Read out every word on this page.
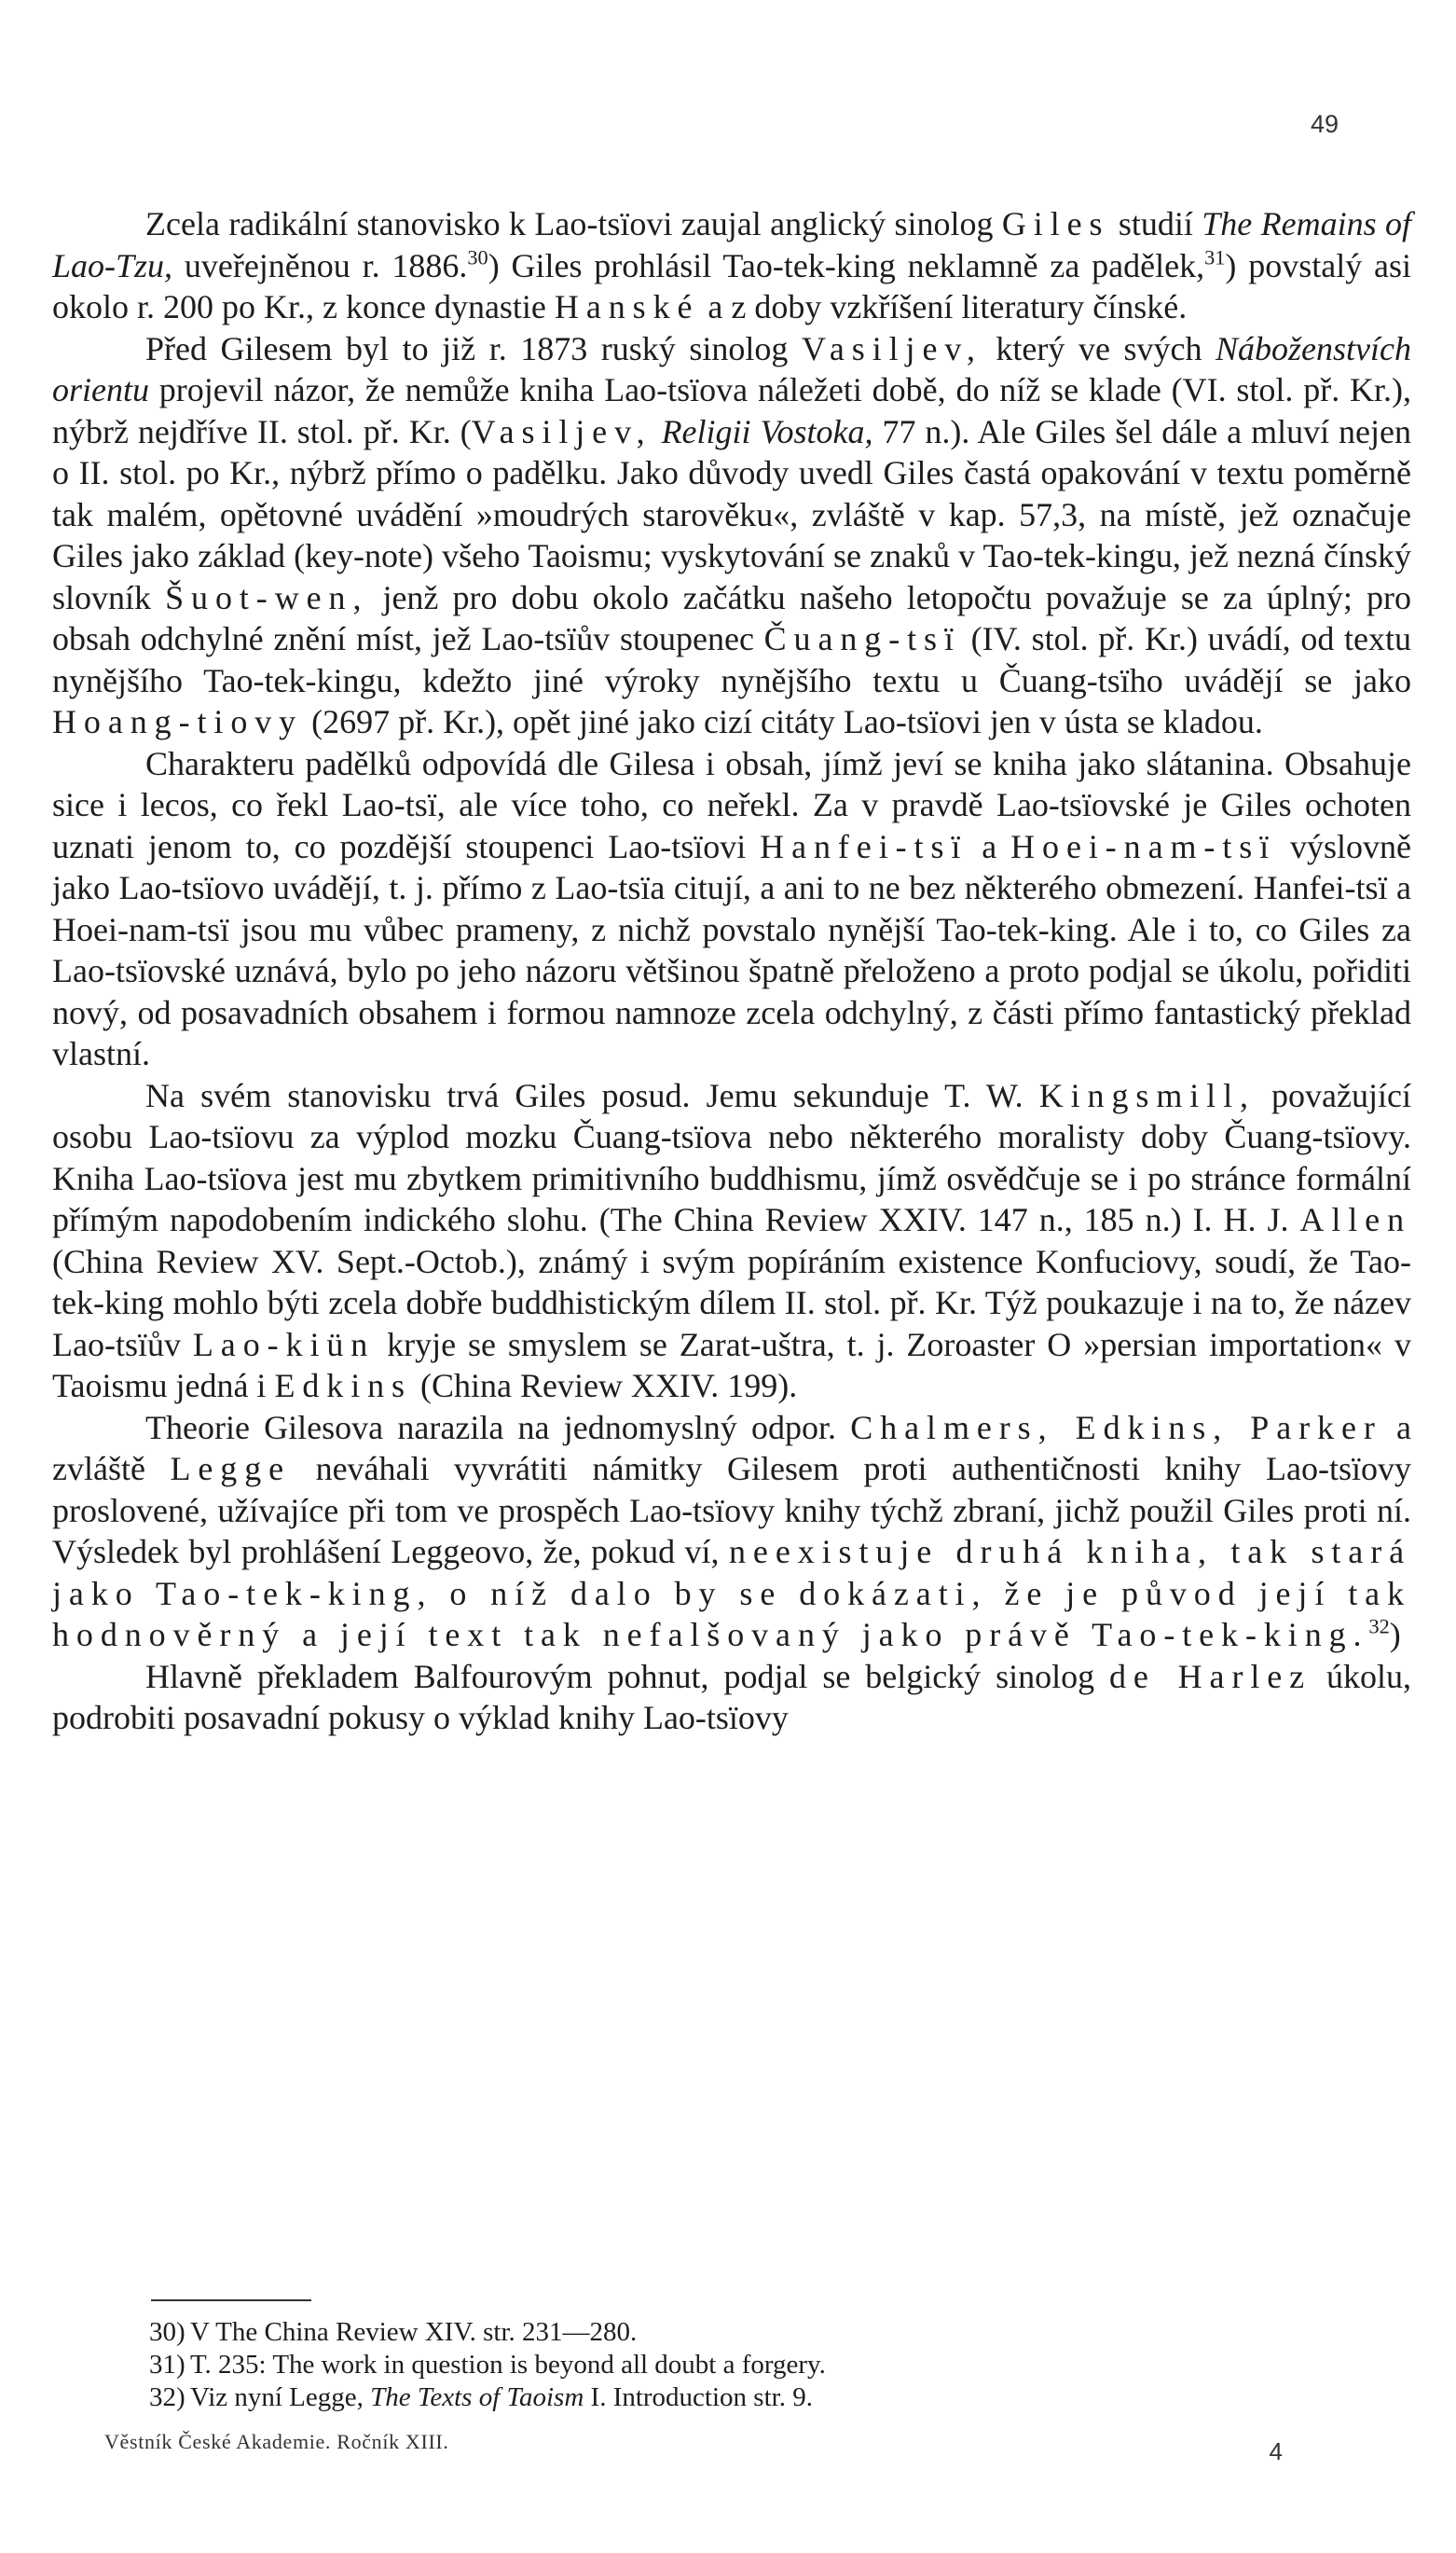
49

Zcela radikální stanovisko k Lao-tsïovi zaujal anglický sinolog Giles studií The Remains of Lao-Tzu, uveřejněnou r. 1886.30) Giles prohlásil Tao-tek-king neklamně za padělek,$^{31}$) povstalý asi okolo r. 200 po Kr., z konce dynastie Hanské a z doby vzkříšení literatury čínské.

Před Gilesem byl to již r. 1873 ruský sinolog Vasiljev, který ve svých Náboženstvích orientu projevil názor, že nemůže kniha Lao-tsïova náležeti době, do níž se klade (VI. stol. př. Kr.), nýbrž nejdříve II. stol. př. Kr. (Vasiljev, Religii Vostoka, 77 n.). Ale Giles šel dále a mluví nejen o II. stol. po Kr., nýbrž přímo o padělku. Jako důvody uvedl Giles častá opakování v textu poměrně tak malém, opětovné uvádění »moudrých starověku«, zvláště v kap. 57,3, na místě, jež označuje Giles jako základ (key-note) všeho Taoismu; vyskytování se znaků v Tao-tek-kingu, jež nezná čínský slovník Šuot-wen, jenž pro dobu okolo začátku našeho letopočtu považuje se za úplný; pro obsah odchylné znění míst, jež Lao-tsïův stoupenec Čuang-tsï (IV. stol. př. Kr.) uvádí, od textu nynějšího Tao-tek-kingu, kdežto jiné výroky nynějšího textu u Čuang-tsïho uvádějí se jako Hoang-tiovy (2697 př. Kr.), opět jiné jako cizí citáty Lao-tsïovi jen v ústa se kladou.

Charakteru padělků odpovídá dle Gilesa i obsah, jímž jeví se kniha jako slátanina. Obsahuje sice i lecos, co řekl Lao-tsï, ale více toho, co neřekl. Za v pravdě Lao-tsïovské je Giles ochoten uznati jenom to, co pozdější stoupenci Lao-tsïovi Hanfei-tsï a Hoei-nam-tsï výslovně jako Lao-tsïovo uvádějí, t. j. přímo z Lao-tsïa citují, a ani to ne bez některého obmezení. Hanfei-tsï a Hoei-nam-tsï jsou mu vůbec prameny, z nichž povstalo nynější Tao-tek-king. Ale i to, co Giles za Lao-tsïovské uznává, bylo po jeho názoru většinou špatně přeloženo a proto podjal se úkolu, pořiditi nový, od posavadních obsahem i formou namnoze zcela odchylný, z části přímo fantastický překlad vlastní.

Na svém stanovisku trvá Giles posud. Jemu sekunduje T. W. Kingsmill, považující osobu Lao-tsïovu za výplod mozku Čuang-tsïova nebo některého moralisty doby Čuang-tsïovy. Kniha Lao-tsïova jest mu zbytkem primitivního buddhismu, jímž osvědčuje se i po stránce formální přímým napodobením indického slohu. (The China Review XXIV. 147 n., 185 n.) I. H. J. Allen (China Review XV. Sept.-Octob.), známý i svým popíráním existence Konfuciovy, soudí, že Tao-tek-king mohlo býti zcela dobře buddhistickým dílem II. stol. př. Kr. Týž poukazuje i na to, že název Lao-tsïův Lao-kiün kryje se smyslem se Zarat-uštra, t. j. Zoroaster O »persian importation« v Taoismu jedná i Edkins (China Review XXIV. 199).

Theorie Gilesova narazila na jednomyslný odpor. Chalmers, Edkins, Parker a zvláště Legge neváhali vyvrátiti námitky Gilesem proti authentičnosti knihy Lao-tsïovy proslovené, užívajíce při tom ve prospěch Lao-tsïovy knihy týchž zbraní, jichž použil Giles proti ní. Výsledek byl prohlášení Leggeovo, že, pokud ví, neexistuje druhá kniha, tak stará jako Tao-tek-king, o níž dalo by se dokázati, že je původ její tak hodnověrný a její text tak nefalšovaný jako právě Tao-tek-king.$^{32}$)

Hlavně překladem Balfourovým pohnut, podjal se belgický sinolog de Harlez úkolu, podrobiti posavadní pokusy o výklad knihy Lao-tsïovy

30) V The China Review XIV. str. 231—280.
31) T. 235: The work in question is beyond all doubt a forgery.
32) Viz nyní Legge, The Texts of Taoism I. Introduction str. 9.
Věstník České Akademie. Ročník XIII.	4
